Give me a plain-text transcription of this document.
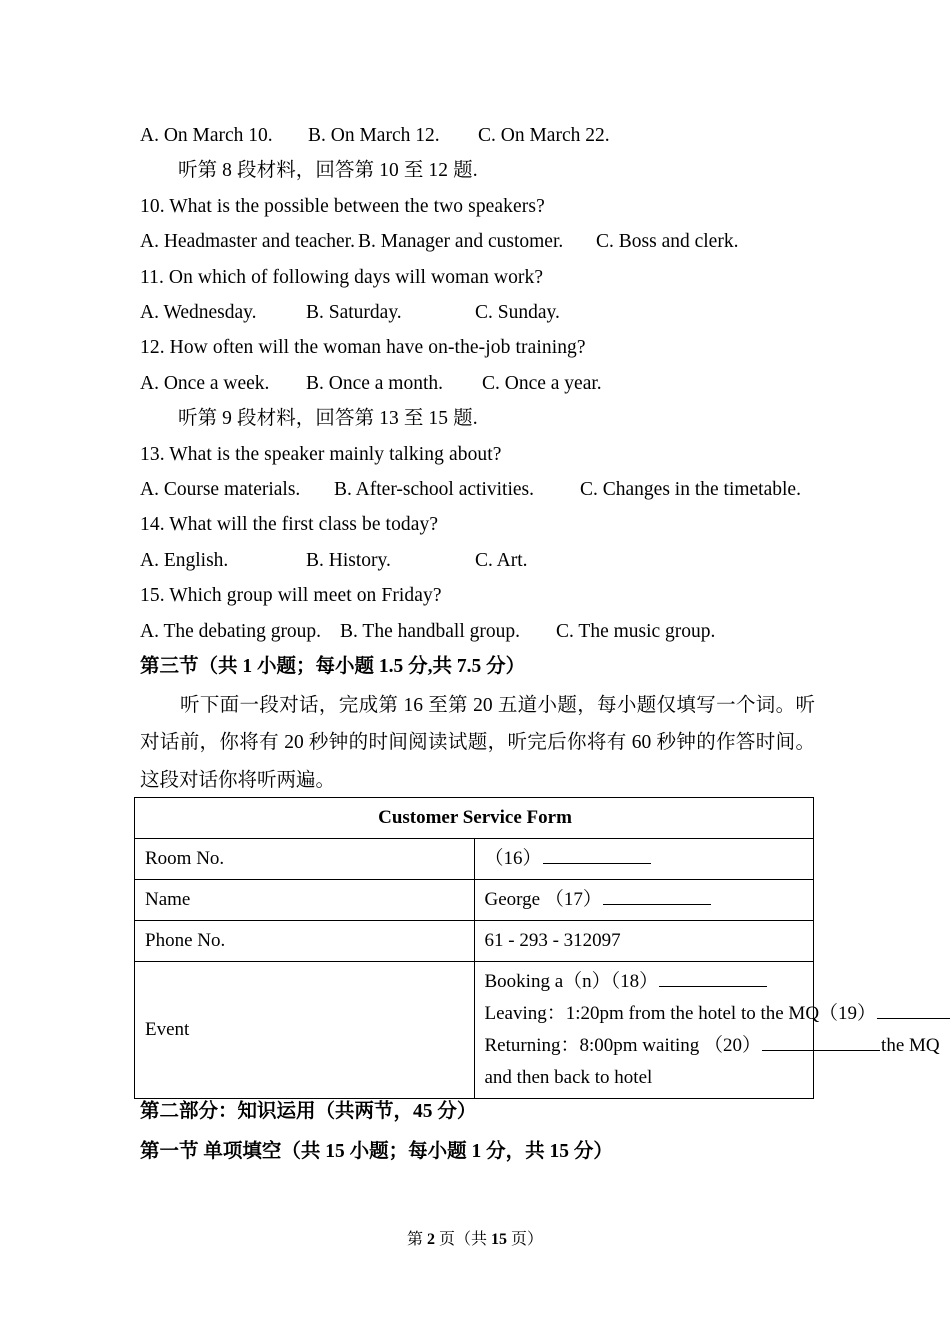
A. On March 10. B. On March 12. C. On March 22.
听第 8 段材料，回答第 10 至 12 题.
10. What is the possible between the two speakers?
A. Headmaster and teacher. B. Manager and customer. C. Boss and clerk.
11. On which of following days will woman work?
A. Wednesday.	B. Saturday.	C. Sunday.
12. How often will the woman have on-the-job training?
A. Once a week. B. Once a month. C. Once a year.
听第 9 段材料，回答第 13 至 15 题.
13. What is the speaker mainly talking about?
A. Course materials. B. After-school activities. C. Changes in the timetable.
14. What will the first class be today?
A. English.	B. History.	C. Art.
15. Which group will meet on Friday?
A. The debating group. B. The handball group. C. The music group.
第三节（共 1 小题；每小题 1.5 分,共 7.5 分）
听下面一段对话，完成第 16 至第 20 五道小题，每小题仅填写一个词。听对话前，你将有 20 秒钟的时间阅读试题，听完后你将有 60 秒钟的作答时间。这段对话你将听两遍。
Customer Service Form	
Room No.	（16）
Name	George （17）
Phone No.	61 - 293 - 312097
Event	Booking a（n）（18）
Leaving：1:20pm from the hotel to the MQ（19）
Returning：8:00pm waiting （20） the MQ
and then back to hotel
第二部分：知识运用（共两节，45 分）
第一节 单项填空（共 15 小题；每小题 1 分，共 15 分）
第 2 页（共 15 页）
